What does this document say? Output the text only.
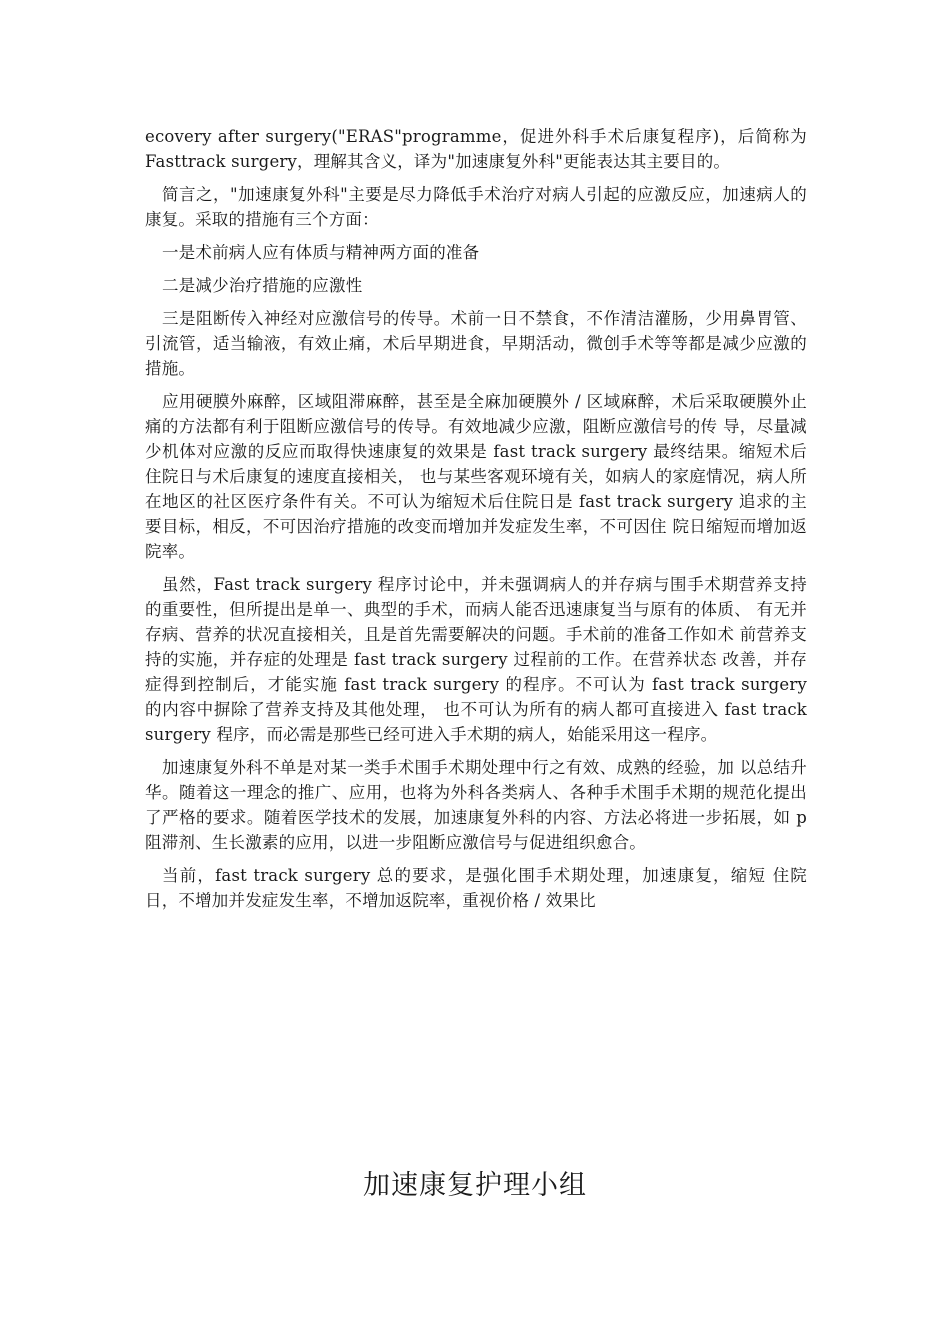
ecovery after surgery("ERAS"programme，促进外科手术后康复程序)，后简称为Fasttrack surgery，理解其含义，译为"加速康复外科"更能表达其主要目的。

简言之，"加速康复外科"主要是尽力降低手术治疗对病人引起的应激反应，加速病人的康复。采取的措施有三个方面：

一是术前病人应有体质与精神两方面的准备

二是减少治疗措施的应激性

三是阻断传入神经对应激信号的传导。术前一日不禁食，不作清洁灌肠，少用鼻胃管、引流管，适当输液，有效止痛，术后早期进食，早期活动，微创手术等等都是减少应激的措施。

应用硬膜外麻醉，区域阻滞麻醉，甚至是全麻加硬膜外 / 区域麻醉，术后采取硬膜外止痛的方法都有利于阻断应激信号的传导。有效地减少应激，阻断应激信号的传 导，尽量减少机体对应激的反应而取得快速康复的效果是 fast track surgery 最终结果。缩短术后住院日与术后康复的速度直接相关， 也与某些客观环境有关，如病人的家庭情况，病人所在地区的社区医疗条件有关。不可认为缩短术后住院日是 fast track surgery 追求的主要目标，相反，不可因治疗措施的改变而增加并发症发生率，不可因住 院日缩短而增加返院率。

虽然，Fast track surgery 程序讨论中，并未强调病人的并存病与围手术期营养支持的重要性，但所提出是单一、典型的手术，而病人能否迅速康复当与原有的体质、 有无并存病、营养的状况直接相关，且是首先需要解决的问题。手术前的准备工作如术 前营养支持的实施，并存症的处理是 fast track surgery 过程前的工作。在营养状态 改善，并存症得到控制后，才能实施 fast track surgery 的程序。不可认为 fast track surgery 的内容中摒除了营养支持及其他处理， 也不可认为所有的病人都可直接进入 fast track surgery 程序，而必需是那些已经可进入手术期的病人，始能采用这一程序。

加速康复外科不单是对某一类手术围手术期处理中行之有效、成熟的经验，加 以总结升华。随着这一理念的推广、应用，也将为外科各类病人、各种手术围手术期的规范化提出了严格的要求。随着医学技术的发展，加速康复外科的内容、方法必将进一步拓展，如 p 阻滞剂、生长激素的应用，以进一步阻断应激信号与促进组织愈合。

当前，fast track surgery 总的要求，是强化围手术期处理，加速康复，缩短 住院日，不增加并发症发生率，不增加返院率，重视价格 / 效果比

加速康复护理小组
